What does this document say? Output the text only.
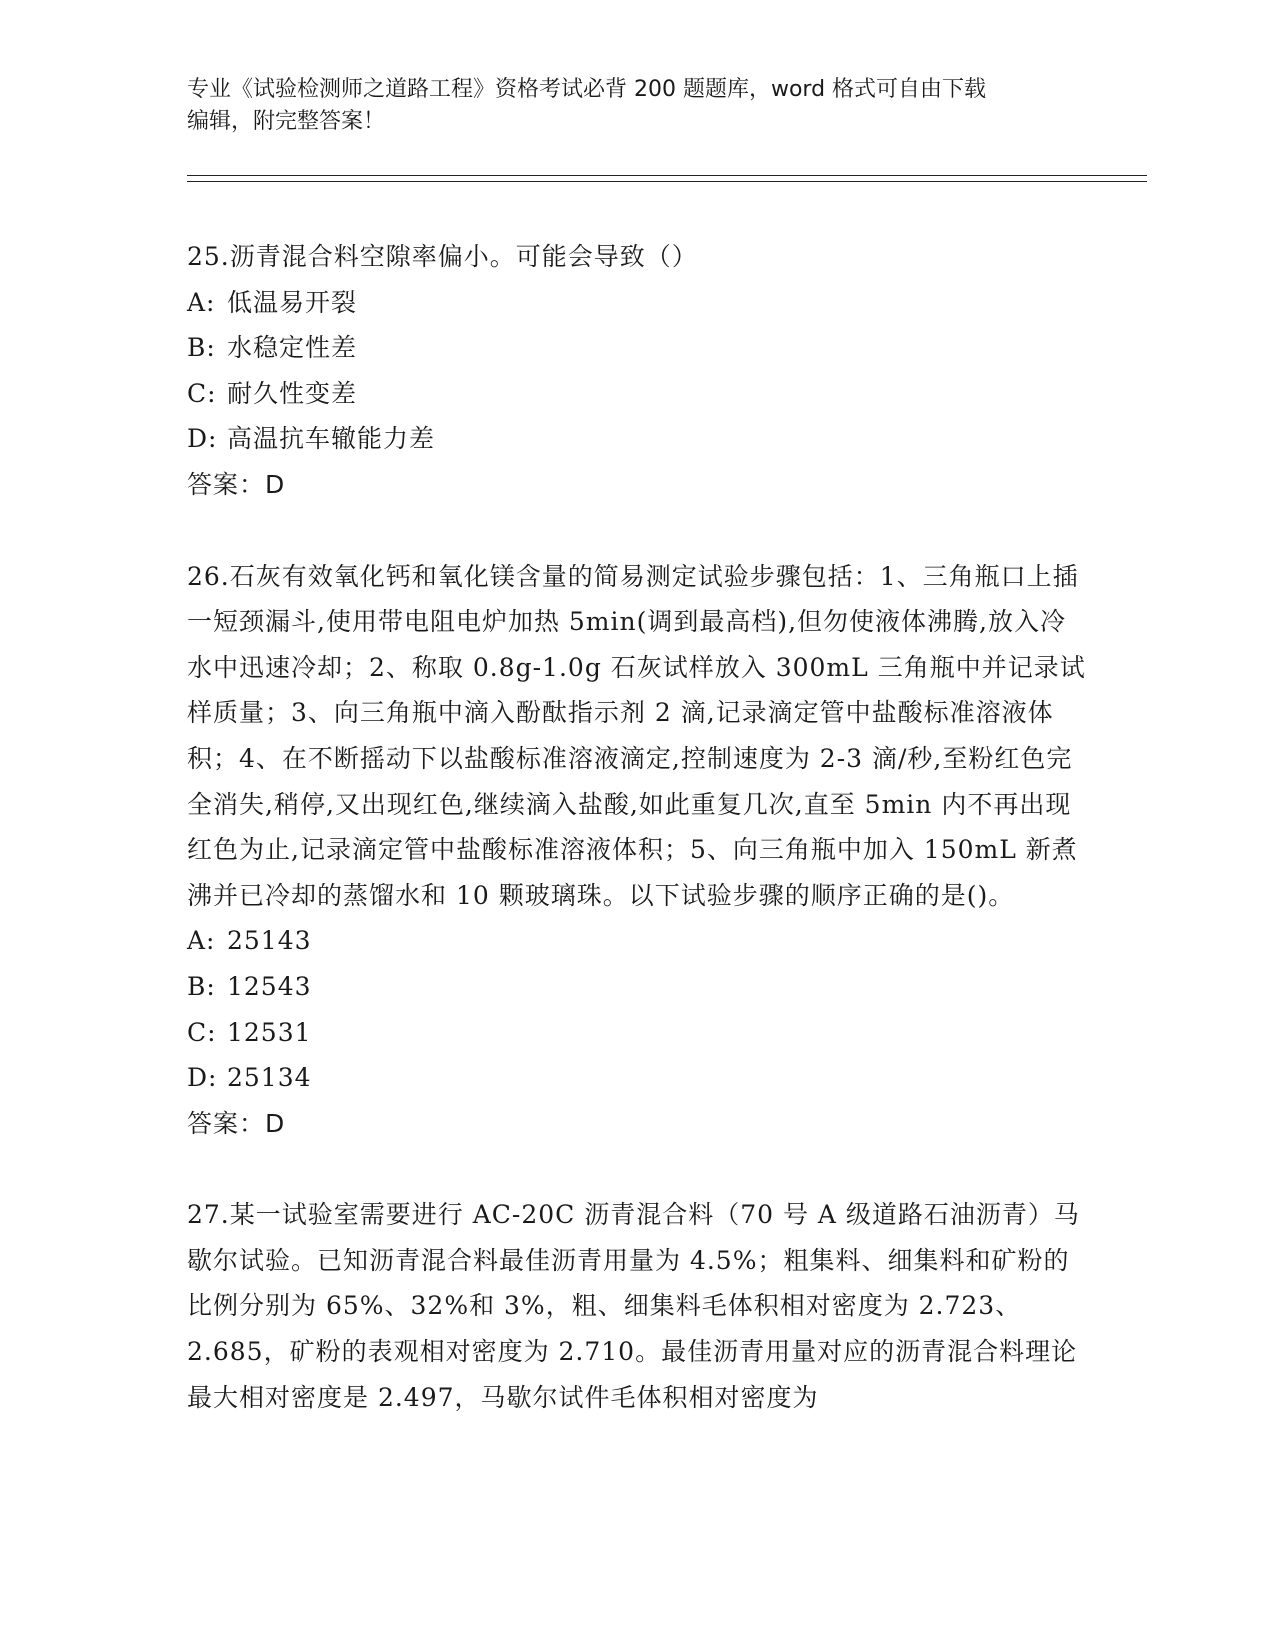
专业《试验检测师之道路工程》资格考试必背 200 题题库，word 格式可自由下载
编辑，附完整答案！

25.沥青混合料空隙率偏小。可能会导致（）

A: 低温易开裂

B: 水稳定性差

C: 耐久性变差

D: 高温抗车辙能力差

答案：D

26.石灰有效氧化钙和氧化镁含量的简易测定试验步骤包括：1、三角瓶口上插一短颈漏斗,使用带电阻电炉加热 5min(调到最高档),但勿使液体沸腾,放入冷水中迅速冷却；2、称取 0.8g-1.0g 石灰试样放入 300mL 三角瓶中并记录试样质量；3、向三角瓶中滴入酚酞指示剂 2 滴,记录滴定管中盐酸标准溶液体积；4、在不断摇动下以盐酸标准溶液滴定,控制速度为 2-3 滴/秒,至粉红色完全消失,稍停,又出现红色,继续滴入盐酸,如此重复几次,直至 5min 内不再出现红色为止,记录滴定管中盐酸标准溶液体积；5、向三角瓶中加入 150mL 新煮沸并已冷却的蒸馏水和 10 颗玻璃珠。以下试验步骤的顺序正确的是()。

A: 25143

B: 12543

C: 12531

D: 25134

答案：D

27.某一试验室需要进行 AC-20C 沥青混合料（70 号 A 级道路石油沥青）马歇尔试验。已知沥青混合料最佳沥青用量为 4.5%；粗集料、细集料和矿粉的比例分别为 65%、32%和 3%，粗、细集料毛体积相对密度为 2.723、2.685，矿粉的表观相对密度为 2.710。最佳沥青用量对应的沥青混合料理论最大相对密度是 2.497，马歇尔试件毛体积相对密度为
